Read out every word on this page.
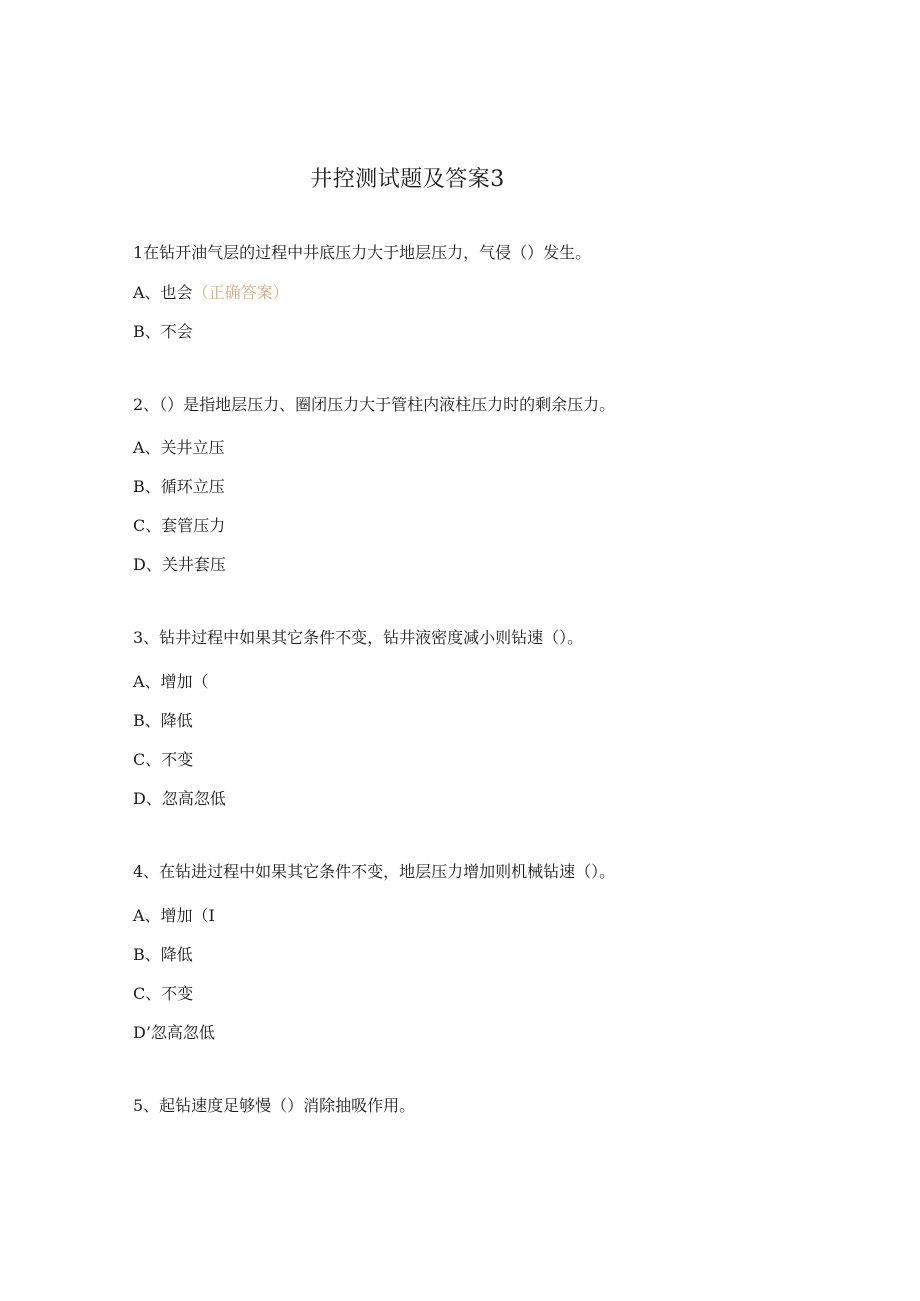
井控测试题及答案3
1在钻开油气层的过程中井底压力大于地层压力，气侵（）发生。
A、也会（正确答案）
B、不会
2、（）是指地层压力、圈闭压力大于管柱内液柱压力时的剩余压力。
A、关井立压
B、循环立压
C、套管压力
D、关井套压
3、钻井过程中如果其它条件不变，钻井液密度减小则钻速（）。
A、增加（
B、降低
C、不变
D、忽高忽低
4、在钻进过程中如果其它条件不变，地层压力增加则机械钻速（）。
A、增加（I
B、降低
C、不变
D’忽高忽低
5、起钻速度足够慢（）消除抽吸作用。
